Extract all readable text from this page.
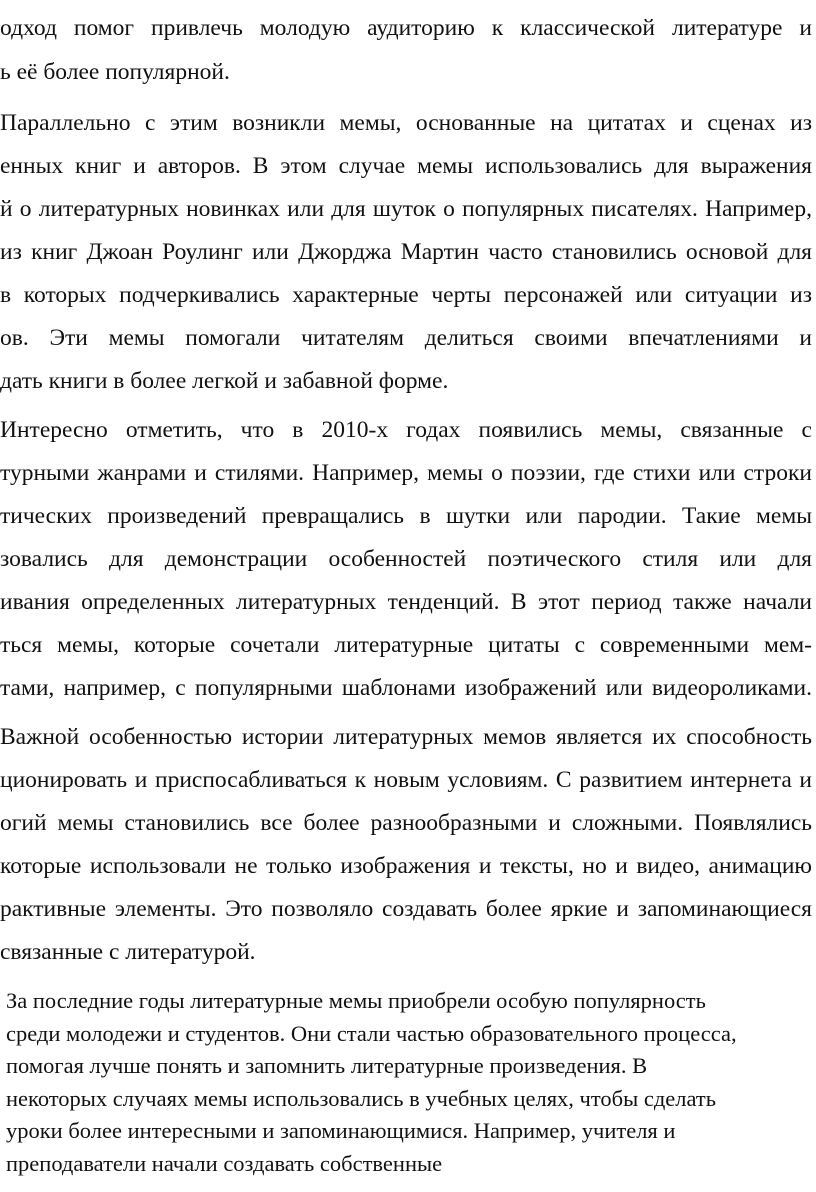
одход помог привлечь молодую аудиторию к классической литературе и

ь её более популярной.

Параллельно с этим возникли мемы, основанные на цитатах и сценах из

енных книг и авторов. В этом случае мемы использовались для выражения

й о литературных новинках или для шуток о популярных писателях. Например,

из книг Джоан Роулинг или Джорджа Мартин часто становились основой для

в которых подчеркивались характерные черты персонажей или ситуации из

ов. Эти мемы помогали читателям делиться своими впечатлениями и

дать книги в более легкой и забавной форме.

Интересно отметить, что в 2010-х годах появились мемы, связанные с

турными жанрами и стилями. Например, мемы о поэзии, где стихи или строки

тических произведений превращались в шутки или пародии. Такие мемы

зовались для демонстрации особенностей поэтического стиля или для

ивания определенных литературных тенденций. В этот период также начали

ться мемы, которые сочетали литературные цитаты с современными мем-

тами, например, с популярными шаблонами изображений или видеороликами.

Важной особенностью истории литературных мемов является их способность

ционировать и приспосабливаться к новым условиям. С развитием интернета и

огий мемы становились все более разнообразными и сложными. Появлялись

которые использовали не только изображения и тексты, но и видео, анимацию

рактивные элементы. Это позволяло создавать более яркие и запоминающиеся

связанные с литературой.

За последние годы литературные мемы приобрели особую популярность

среди молодежи и студентов. Они стали частью образовательного процесса,

помогая лучше понять и запомнить литературные произведения. В

некоторых случаях мемы использовались в учебных целях, чтобы сделать

уроки более интересными и запоминающимися. Например, учителя и

преподаватели начали создавать собственные
